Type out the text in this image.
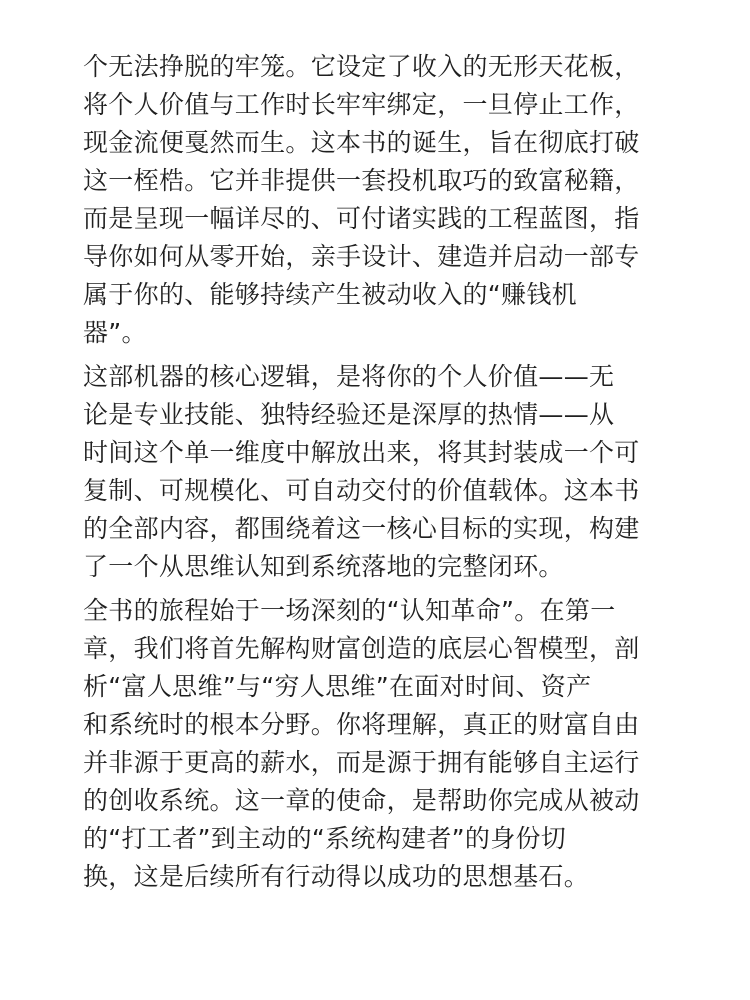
个无法挣脱的牢笼。它设定了收入的无形天花板，
将个人价值与工作时长牢牢绑定，一旦停止工作，
现金流便戛然而生。这本书的诞生，旨在彻底打破
这一桎梏。它并非提供一套投机取巧的致富秘籍，
而是呈现一幅详尽的、可付诸实践的工程蓝图，指
导你如何从零开始，亲手设计、建造并启动一部专
属于你的、能够持续产生被动收入的“赚钱机
器”。
这部机器的核心逻辑，是将你的个人价值——无
论是专业技能、独特经验还是深厚的热情——从
时间这个单一维度中解放出来，将其封装成一个可
复制、可规模化、可自动交付的价值载体。这本书
的全部内容，都围绕着这一核心目标的实现，构建
了一个从思维认知到系统落地的完整闭环。
全书的旅程始于一场深刻的“认知革命”。在第一
章，我们将首先解构财富创造的底层心智模型，剖
析“富人思维”与“穷人思维”在面对时间、资产
和系统时的根本分野。你将理解，真正的财富自由
并非源于更高的薪水，而是源于拥有能够自主运行
的创收系统。这一章的使命，是帮助你完成从被动
的“打工者”到主动的“系统构建者”的身份切
换，这是后续所有行动得以成功的思想基石。
